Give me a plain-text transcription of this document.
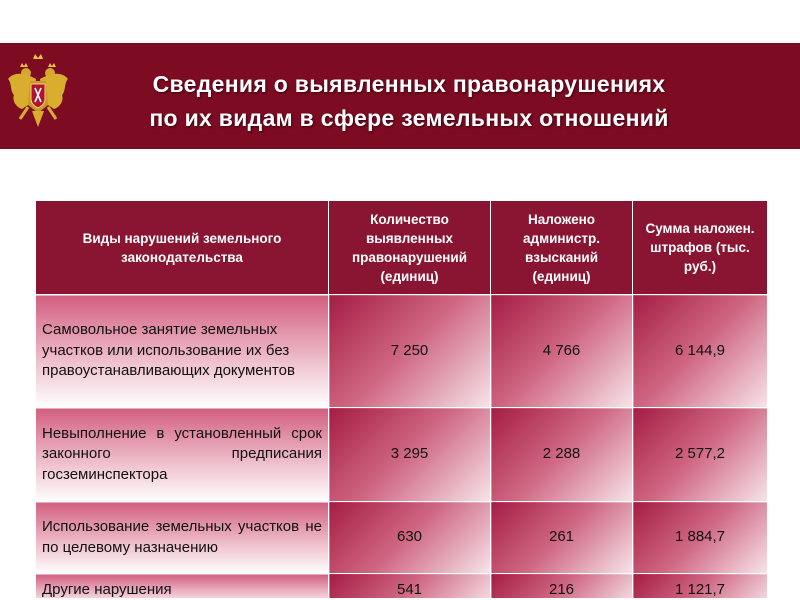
Сведения о выявленных правонарушениях
по их видам в сфере земельных отношений
Виды нарушений земельного законодательства	Количество выявленных правонарушений (единиц)	Наложено администр. взысканий (единиц)	Сумма наложен. штрафов (тыс. руб.)
Самовольное занятие земельных участков или использование их без правоустанавливающих документов	7 250	4 766	6 144,9
Невыполнение в установленный срок законного предписания госземинспектора	3 295	2 288	2 577,2
Использование земельных участков не по целевому назначению	630	261	1 884,7
Другие нарушения	541	216	1 121,7
